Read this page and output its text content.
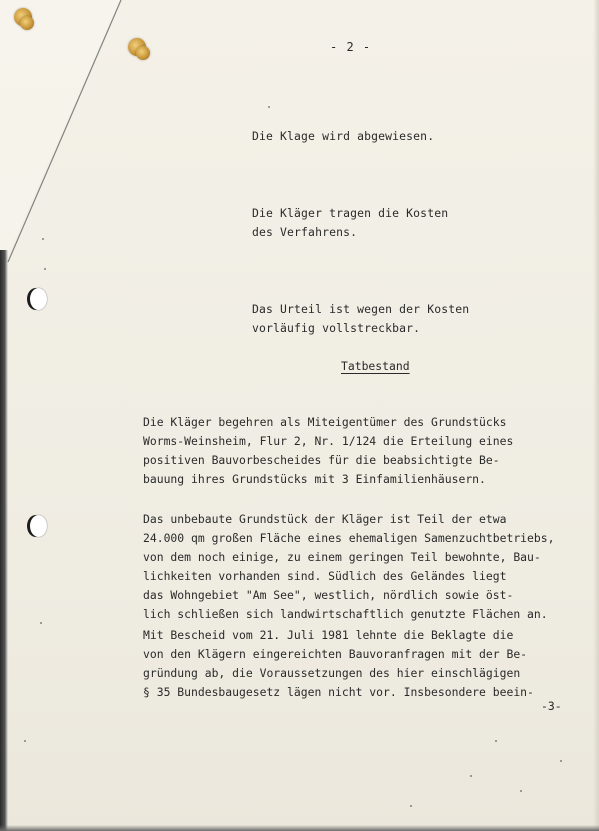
- 2 -

Die Klage wird abgewiesen.

Die Kläger tragen die Kosten
des Verfahrens.

Das Urteil ist wegen der Kosten
vorläufig vollstreckbar.

Tatbestand
Die Kläger begehren als Miteigentümer des Grundstücks
Worms-Weinsheim, Flur 2, Nr. 1/124 die Erteilung eines
positiven Bauvorbescheides für die beabsichtigte Be-
bauung ihres Grundstücks mit 3 Einfamilienhäusern.
Das unbebaute Grundstück der Kläger ist Teil der etwa
24.000 qm großen Fläche eines ehemaligen Samenzuchtbetriebs,
von dem noch einige, zu einem geringen Teil bewohnte, Bau-
lichkeiten vorhanden sind. Südlich des Geländes liegt
das Wohngebiet "Am See", westlich, nördlich sowie öst-
lich schließen sich landwirtschaftlich genutzte Flächen an.
Mit Bescheid vom 21. Juli 1981 lehnte die Beklagte die
von den Klägern eingereichten Bauvoranfragen mit der Be-
gründung ab, die Voraussetzungen des hier einschlägigen
§ 35 Bundesbaugesetz lägen nicht vor. Insbesondere beein-
-3-
